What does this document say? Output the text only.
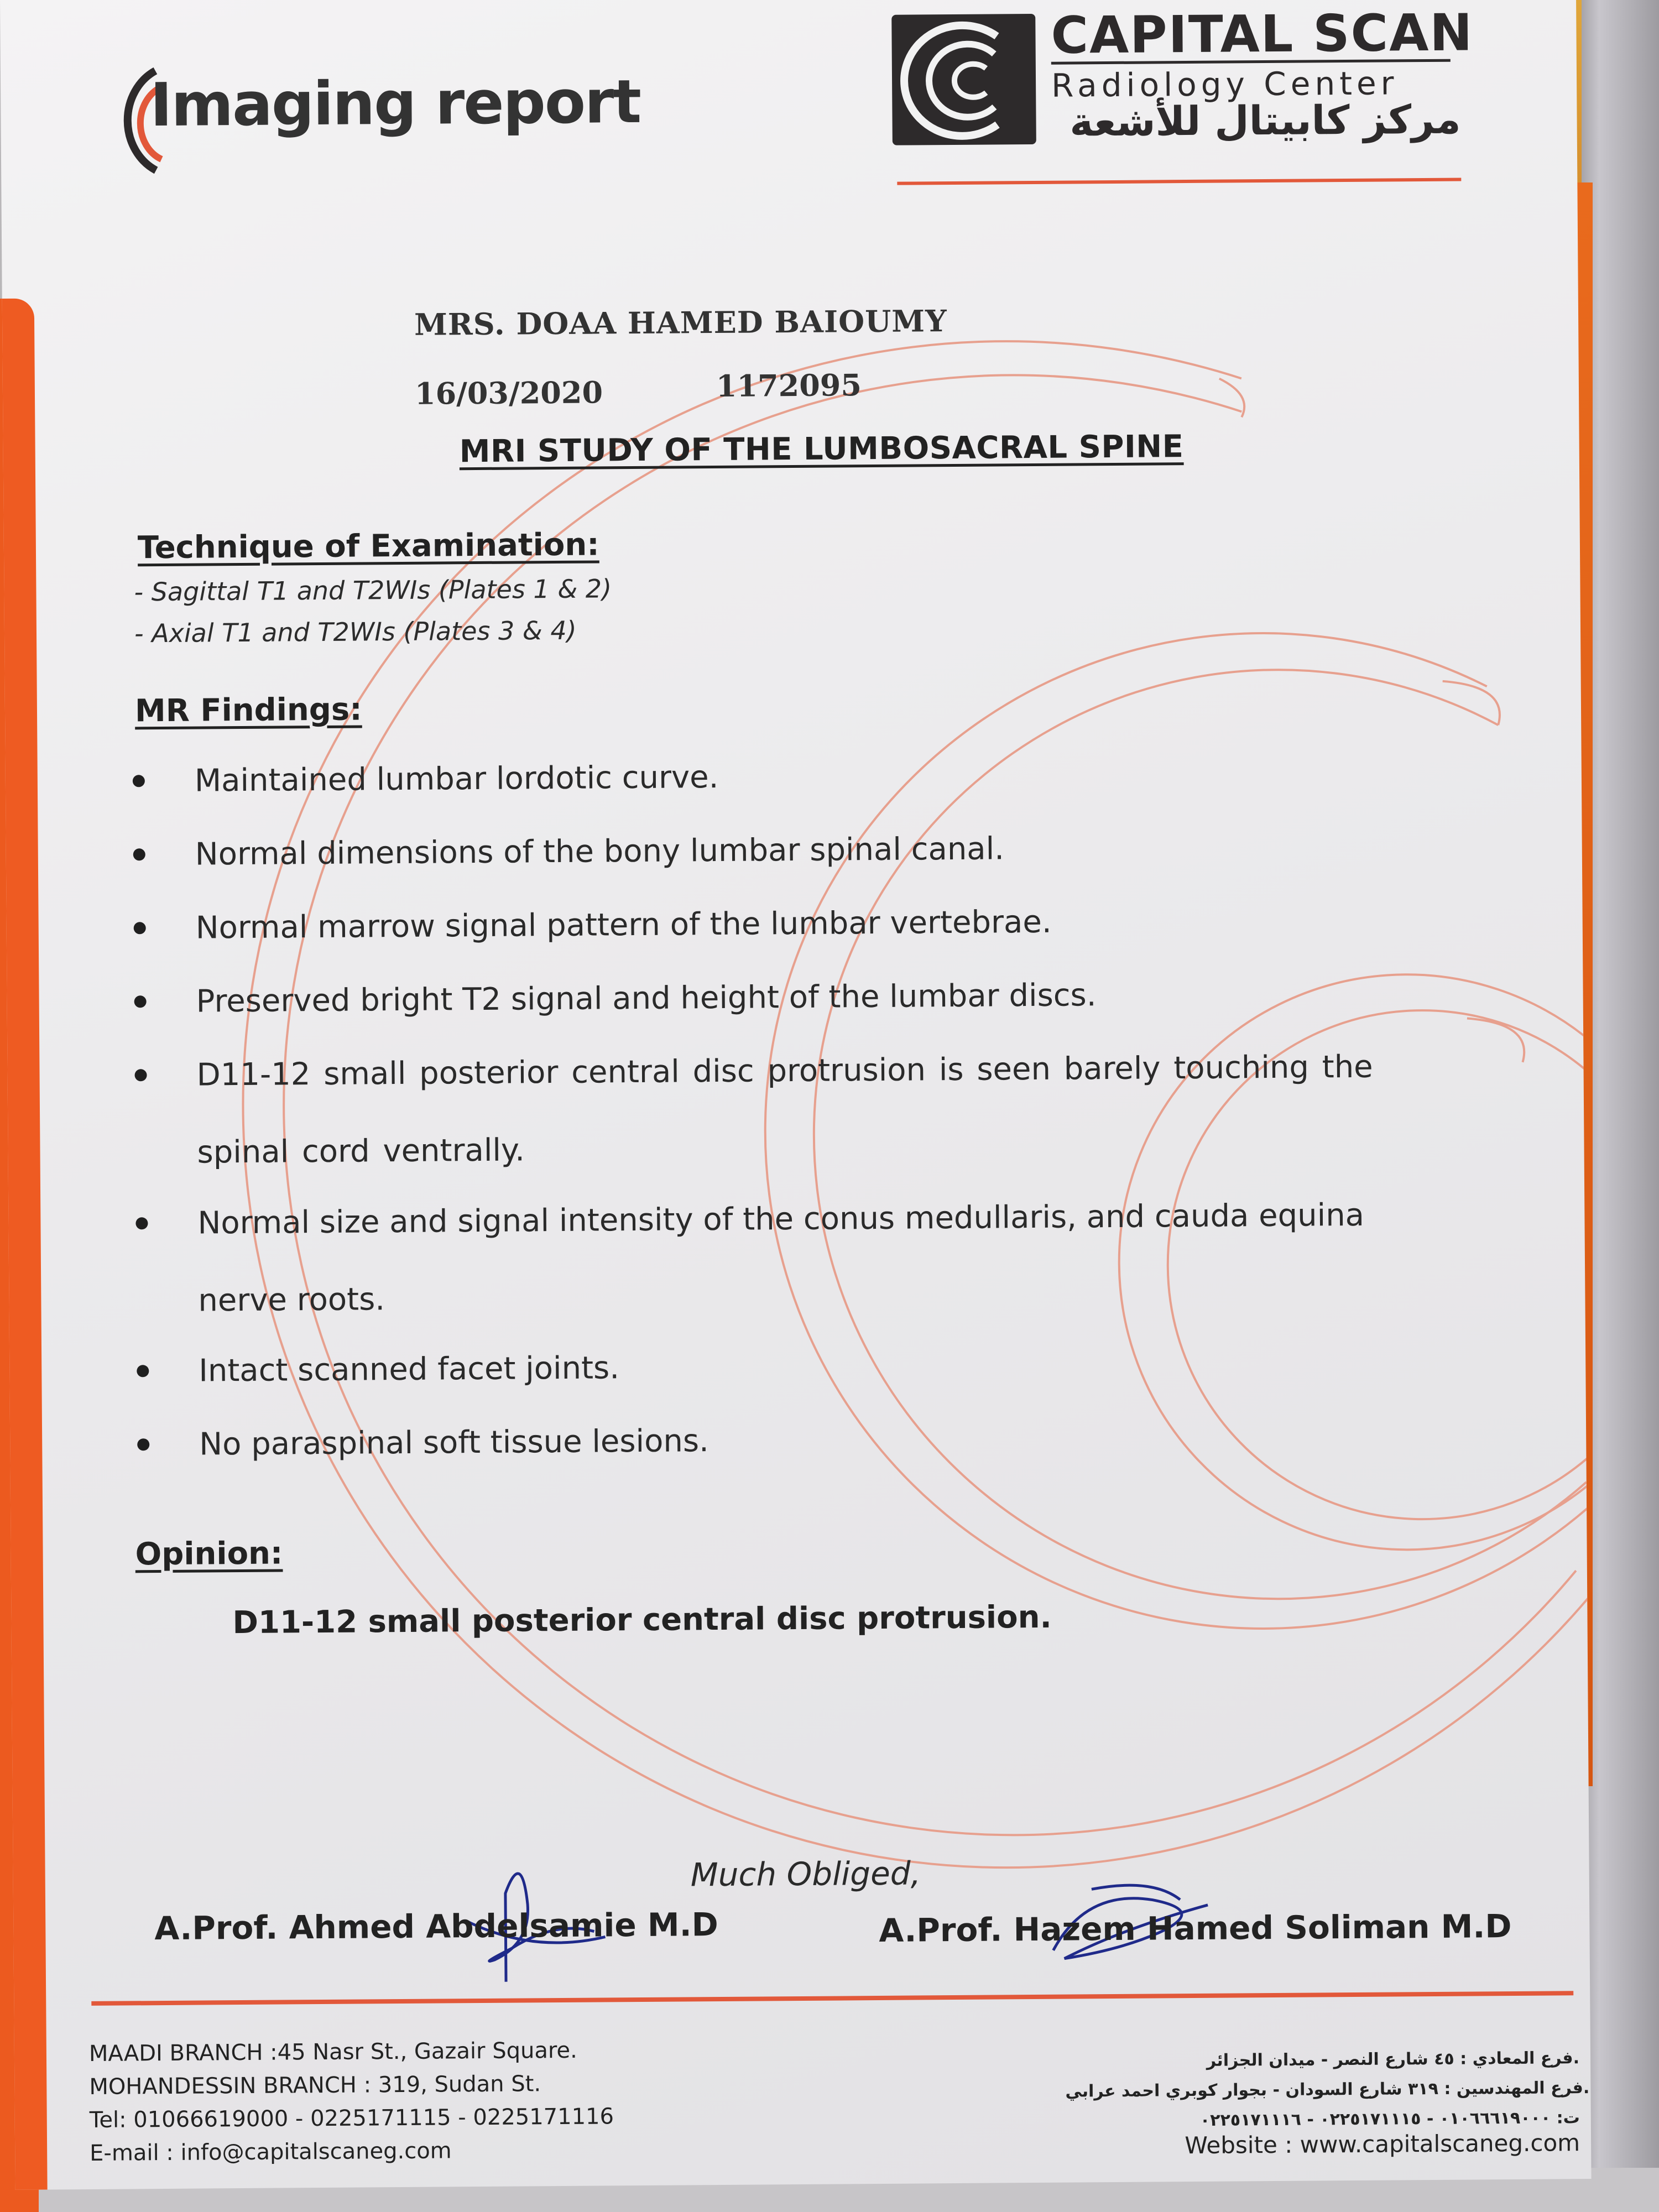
Imaging report
CAPITAL SCAN
Radiology Center
مركز كابيتال للأشعة
MRS. DOAA HAMED BAIOUMY
16/03/2020	1172095
MRI STUDY OF THE LUMBOSACRAL SPINE
Technique of Examination:
- Sagittal T1 and T2WIs (Plates 1 & 2)
- Axial T1 and T2WIs (Plates 3 & 4)
MR Findings:
Maintained lumbar lordotic curve.
Normal dimensions of the bony lumbar spinal canal.
Normal marrow signal pattern of the lumbar vertebrae.
Preserved bright T2 signal and height of the lumbar discs.
D11-12 small posterior central disc protrusion is seen barely touching the
spinal cord ventrally.
Normal size and signal intensity of the conus medullaris, and cauda equina
nerve roots.
Intact scanned facet joints.
No paraspinal soft tissue lesions.
Opinion:
D11-12 small posterior central disc protrusion.
Much Obliged,
A.Prof. Ahmed Abdelsamie M.D	A.Prof. Hazem Hamed Soliman M.D
MAADI BRANCH :45 Nasr St., Gazair Square.
MOHANDESSIN BRANCH : 319, Sudan St.
Tel: 01066619000 - 0225171115 - 0225171116
E-mail : info@capitalscaneg.com
فرع المعادي : ٤٥ شارع النصر - ميدان الجزائر.
فرع المهندسين : ٣١٩ شارع السودان - بجوار كوبري احمد عرابي.
ت: ٠١٠٦٦٦١٩٠٠٠ - ٠٢٢٥١٧١١١٥ - ٠٢٢٥١٧١١١٦
Website : www.capitalscaneg.com
